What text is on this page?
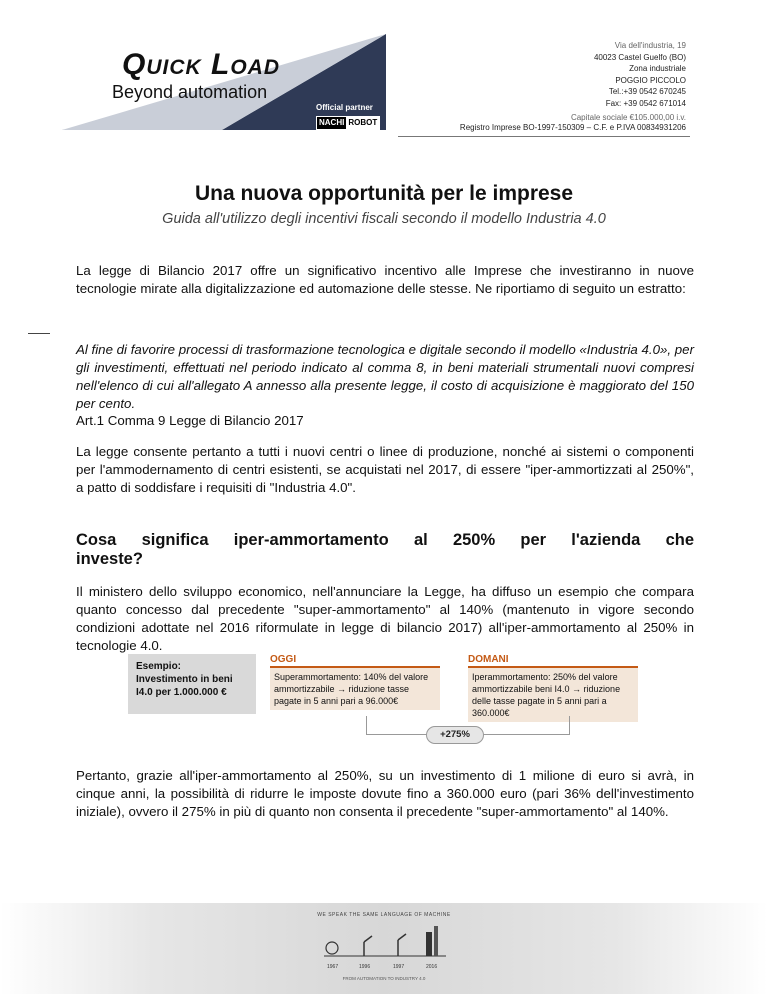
Quick Load
Beyond automation
Official partner
NACHI ROBOT
Via dell'industria, 19
40023 Castel Guelfo (BO)
Zona industriale
POGGIO PICCOLO
Tel.:+39 0542 670245
Fax: +39 0542 671014
Capitale sociale €105.000,00 i.v.
Registro Imprese BO-1997-150309 – C.F. e P.IVA 00834931206
Una nuova opportunità per le imprese
Guida all'utilizzo degli incentivi fiscali secondo il modello Industria 4.0
La legge di Bilancio 2017 offre un significativo incentivo alle Imprese che investiranno in nuove tecnologie mirate alla digitalizzazione ed automazione delle stesse. Ne riportiamo di seguito un estratto:
Al fine di favorire processi di trasformazione tecnologica e digitale secondo il modello «Industria 4.0», per gli investimenti, effettuati nel periodo indicato al comma 8, in beni materiali strumentali nuovi compresi nell'elenco di cui all'allegato A annesso alla presente legge, il costo di acquisizione è maggiorato del 150 per cento.
Art.1 Comma 9 Legge di Bilancio 2017
La legge consente pertanto a tutti i nuovi centri o linee di produzione, nonché ai sistemi o componenti per l'ammodernamento di centri esistenti, se acquistati nel 2017, di essere "iper-ammortizzati al 250%", a patto di soddisfare i requisiti di "Industria 4.0".
Cosa significa iper-ammortamento al 250% per l'azienda che
investe?
Il ministero dello sviluppo economico, nell'annunciare la Legge, ha diffuso un esempio che compara quanto concesso dal precedente "super-ammortamento" al 140% (mantenuto in vigore secondo condizioni adottate nel 2016 riformulate in legge di bilancio 2017) all'iper-ammortamento al 250% in tecnologie 4.0.
Esempio:
Investimento in beni I4.0 per 1.000.000 €
OGGI
Superammortamento: 140% del valore ammortizzabile → riduzione tasse pagate in 5 anni pari a 96.000€
DOMANI
Iperammortamento: 250% del valore ammortizzabile beni I4.0 → riduzione delle tasse pagate in 5 anni pari a 360.000€
+275%
Pertanto, grazie all'iper-ammortamento al 250%, su un investimento di 1 milione di euro si avrà, in cinque anni, la possibilità di ridurre le imposte dovute fino a 360.000 euro (pari 36% dell'investimento iniziale), ovvero il 275% in più di quanto non consenta il precedente "super-ammortamento" al 140%.
WE SPEAK THE SAME LANGUAGE OF MACHINE
1967	1996	1997	2016
FROM AUTOMATION TO INDUSTRY 4.0
